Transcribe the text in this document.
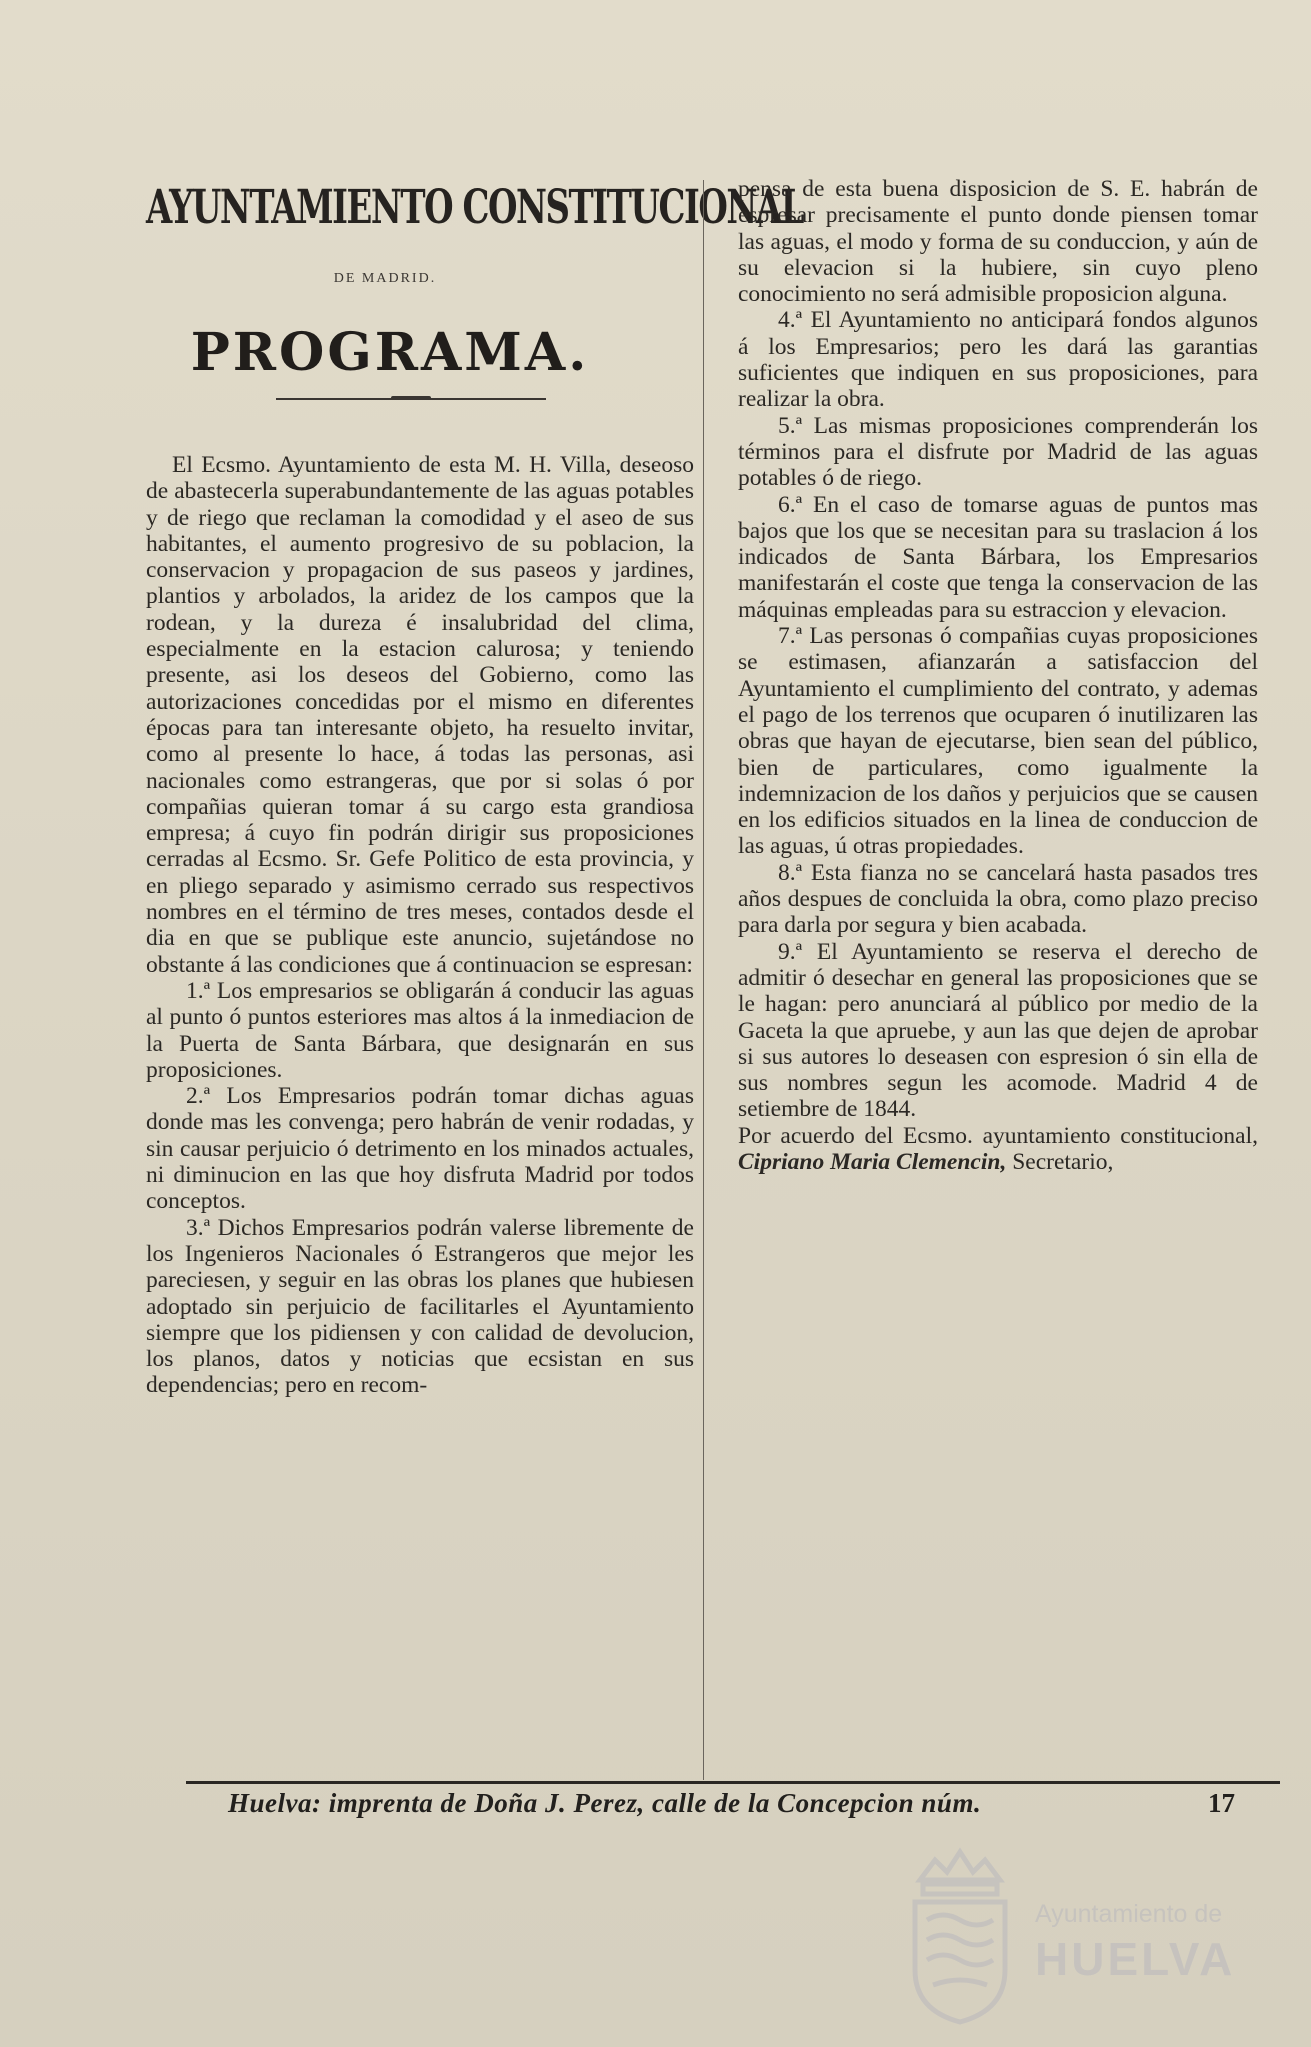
AYUNTAMIENTO CONSTITUCIONAL
DE MADRID.
PROGRAMA.

El Ecsmo. Ayuntamiento de esta M. H. Villa, deseoso de abastecerla superabundantemente de las aguas potables y de riego que reclaman la comodidad y el aseo de sus habitantes, el aumento progresivo de su poblacion, la conservacion y propagacion de sus paseos y jardines, plantios y arbolados, la aridez de los campos que la rodean, y la dureza é insalubridad del clima, especialmente en la estacion calurosa; y teniendo presente, asi los deseos del Gobierno, como las autorizaciones concedidas por el mismo en diferentes épocas para tan interesante objeto, ha resuelto invitar, como al presente lo hace, á todas las personas, asi nacionales como estrangeras, que por si solas ó por compañias quieran tomar á su cargo esta grandiosa empresa; á cuyo fin podrán dirigir sus proposiciones cerradas al Ecsmo. Sr. Gefe Politico de esta provincia, y en pliego separado y asimismo cerrado sus respectivos nombres en el término de tres meses, contados desde el dia en que se publique este anuncio, sujetándose no obstante á las condiciones que á continuacion se espresan:

1.ª Los empresarios se obligarán á conducir las aguas al punto ó puntos esteriores mas altos á la inmediacion de la Puerta de Santa Bárbara, que designarán en sus proposiciones.

2.ª Los Empresarios podrán tomar dichas aguas donde mas les convenga; pero habrán de venir rodadas, y sin causar perjuicio ó detrimento en los minados actuales, ni diminucion en las que hoy disfruta Madrid por todos conceptos.

3.ª Dichos Empresarios podrán valerse libremente de los Ingenieros Nacionales ó Estrangeros que mejor les pareciesen, y seguir en las obras los planes que hubiesen adoptado sin perjuicio de facilitarles el Ayuntamiento siempre que los pidiensen y con calidad de devolucion, los planos, datos y noticias que ecsistan en sus dependencias; pero en recom-

pensa de esta buena disposicion de S. E. habrán de espresar precisamente el punto donde piensen tomar las aguas, el modo y forma de su conduccion, y aún de su elevacion si la hubiere, sin cuyo pleno conocimiento no será admisible proposicion alguna.

4.ª El Ayuntamiento no anticipará fondos algunos á los Empresarios; pero les dará las garantias suficientes que indiquen en sus proposiciones, para realizar la obra.

5.ª Las mismas proposiciones comprenderán los términos para el disfrute por Madrid de las aguas potables ó de riego.

6.ª En el caso de tomarse aguas de puntos mas bajos que los que se necesitan para su traslacion á los indicados de Santa Bárbara, los Empresarios manifestarán el coste que tenga la conservacion de las máquinas empleadas para su estraccion y elevacion.

7.ª Las personas ó compañias cuyas proposiciones se estimasen, afianzarán a satisfaccion del Ayuntamiento el cumplimiento del contrato, y ademas el pago de los terrenos que ocuparen ó inutilizaren las obras que hayan de ejecutarse, bien sean del público, bien de particulares, como igualmente la indemnizacion de los daños y perjuicios que se causen en los edificios situados en la linea de conduccion de las aguas, ú otras propiedades.

8.ª Esta fianza no se cancelará hasta pasados tres años despues de concluida la obra, como plazo preciso para darla por segura y bien acabada.

9.ª El Ayuntamiento se reserva el derecho de admitir ó desechar en general las proposiciones que se le hagan: pero anunciará al público por medio de la Gaceta la que apruebe, y aun las que dejen de aprobar si sus autores lo deseasen con espresion ó sin ella de sus nombres segun les acomode. Madrid 4 de setiembre de 1844.

Por acuerdo del Ecsmo. ayuntamiento constitucional, Cipriano Maria Clemencin, Secretario,

Huelva: imprenta de Doña J. Perez, calle de la Concepcion núm.	17
Ayuntamiento de
HUELVA
